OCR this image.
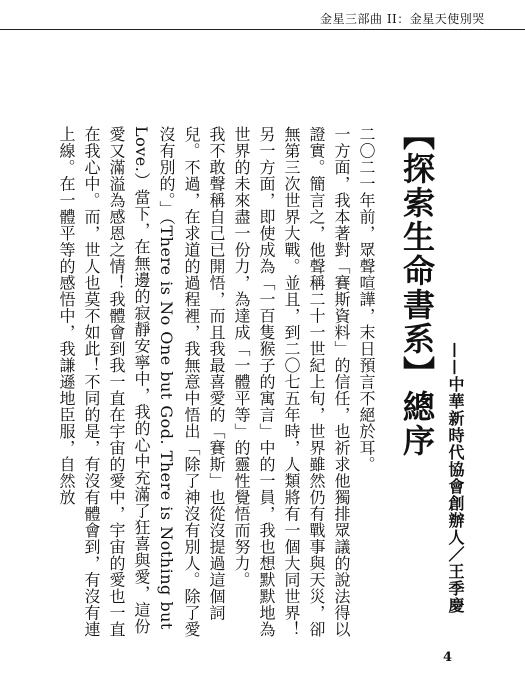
金星三部曲 II：金星天使別哭
【探索生命書系】總序
——中華新時代協會創辦人／王季慶

二〇二一年前，眾聲喧譁，末日預言不絕於耳。

一方面，我本著對「賽斯資料」的信任，也祈求他獨排眾議的說法得以證實。簡言之，他聲稱二十一世紀上旬，世界雖然仍有戰事與天災，卻無第三次世界大戰。並且，到二〇七五年時，人類將有一個大同世界！另一方面，即使成為「一百隻猴子的寓言」中的一員，我也想默默地為世界的未來盡一份力，為達成「一體平等」的靈性覺悟而努力。

我不敢聲稱自己已開悟，而且我最喜愛的「賽斯」也從沒提過這個詞兒。不過，在求道的過程裡，我無意中悟出「除了神沒有別人。除了愛沒有別的。」（There is No One but God. There is Nothing but Love.）當下，在無邊的寂靜安寧中，我的心中充滿了狂喜與愛，這份愛又滿溢為感恩之情！我體會到我一直在宇宙的愛中，宇宙的愛也一直在我心中。而，世人也莫不如此！不同的是，有沒有體會到，有沒有連上線。在一體平等的感悟中，我謙遜地臣服，自然放

4
